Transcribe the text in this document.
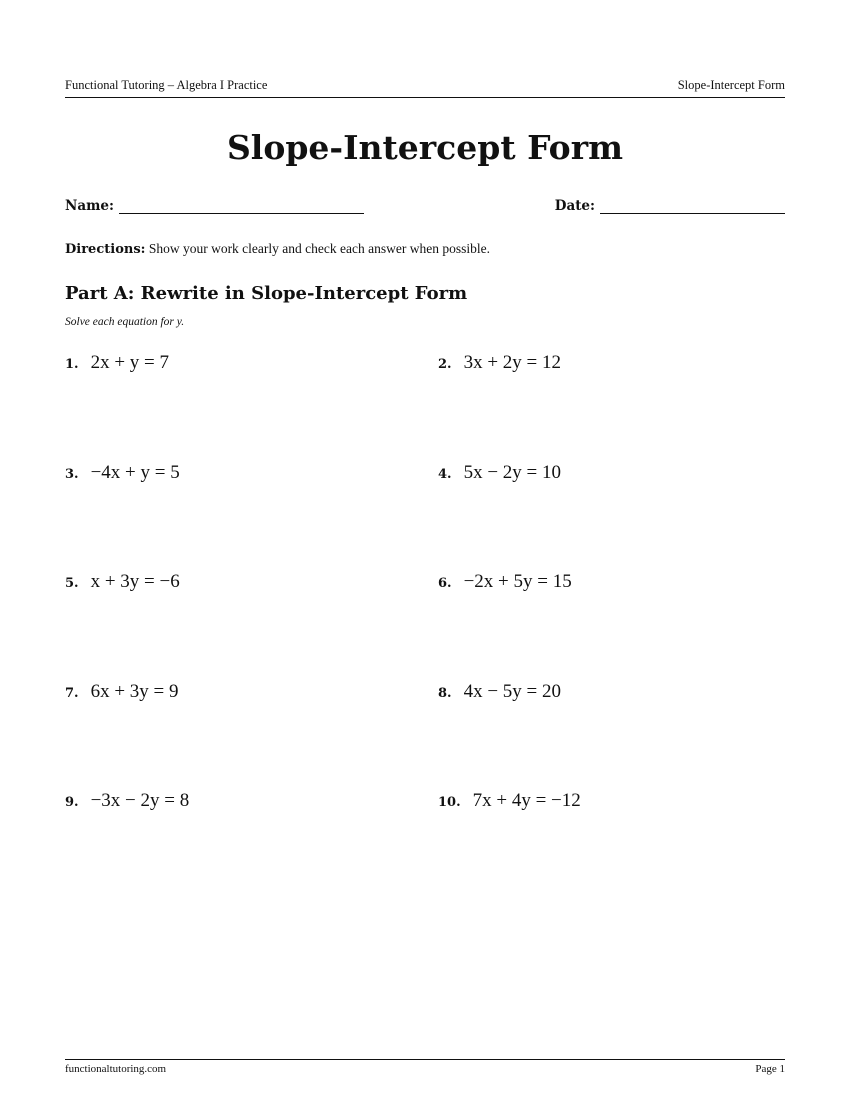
Functional Tutoring – Algebra I Practice	Slope-Intercept Form
Slope-Intercept Form
Name:	Date:
Directions: Show your work clearly and check each answer when possible.
Part A: Rewrite in Slope-Intercept Form
Solve each equation for y.
1. 2x + y = 7	2. 3x + 2y = 12
3. −4x + y = 5	4. 5x − 2y = 10
5. x + 3y = −6	6. −2x + 5y = 15
7. 6x + 3y = 9	8. 4x − 5y = 20
9. −3x − 2y = 8	10. 7x + 4y = −12
functionaltutoring.com	Page 1
